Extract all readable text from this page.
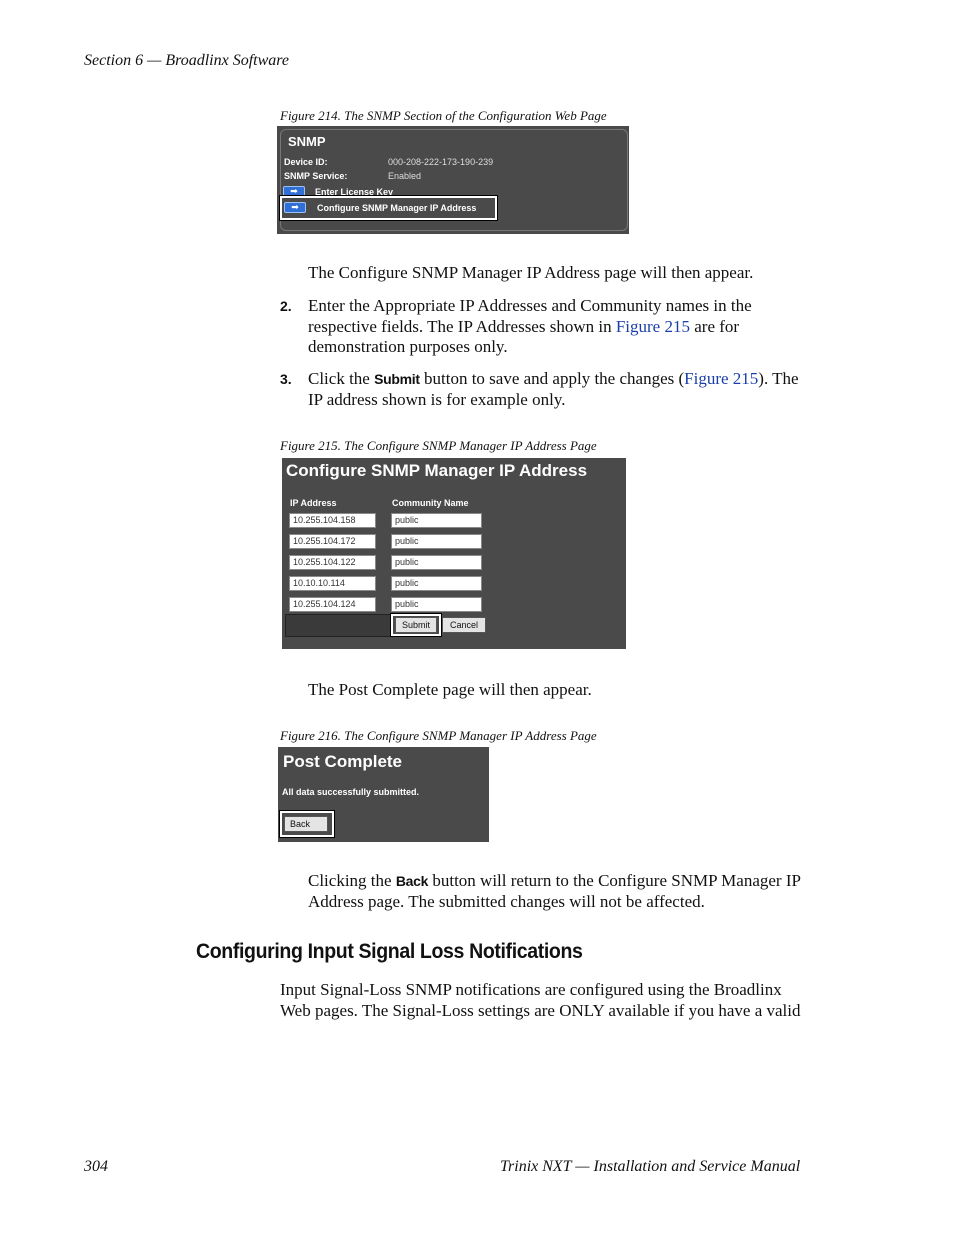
Section 6 — Broadlinx Software
Figure 214. The SNMP Section of the Configuration Web Page
SNMP
Device ID:	000-208-222-173-190-239
SNMP Service:	Enabled
➡	Enter License Key
➡	Configure SNMP Manager IP Address
The Configure SNMP Manager IP Address page will then appear.
2. Enter the Appropriate IP Addresses and Community names in the
respective fields. The IP Addresses shown in Figure 215 are for
demonstration purposes only.
3. Click the Submit button to save and apply the changes (Figure 215). The
IP address shown is for example only.
Figure 215. The Configure SNMP Manager IP Address Page
Configure SNMP Manager IP Address
IP Address	Community Name
Submit	Cancel
10.255.104.158	public
10.255.104.172	public
10.255.104.122	public
10.10.10.114	public
10.255.104.124	public
The Post Complete page will then appear.
Figure 216. The Configure SNMP Manager IP Address Page
Post Complete
All data successfully submitted.
Back
Clicking the Back button will return to the Configure SNMP Manager IP
Address page. The submitted changes will not be affected.
Configuring Input Signal Loss Notifications
Input Signal-Loss SNMP notifications are configured using the Broadlinx
Web pages. The Signal-Loss settings are ONLY available if you have a valid
304	Trinix NXT — Installation and Service Manual
